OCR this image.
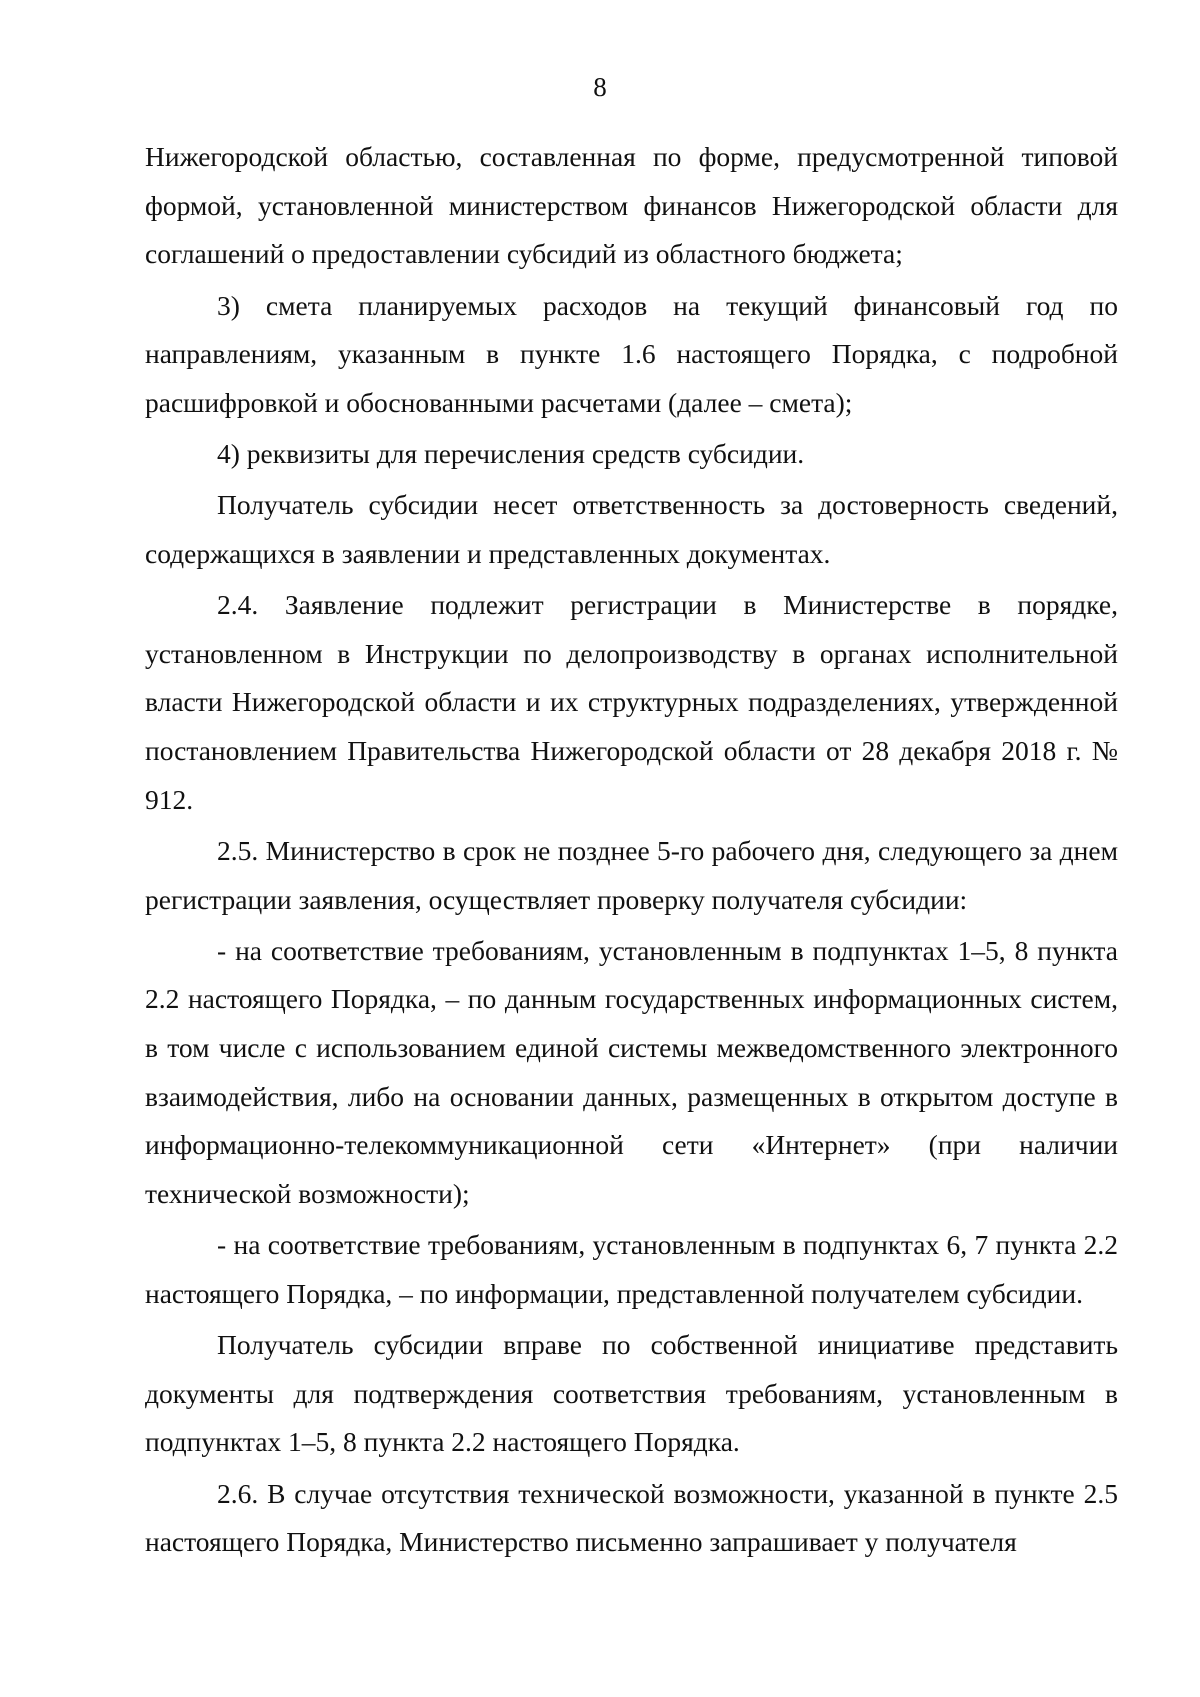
8

Нижегородской областью, составленная по форме, предусмотренной типовой формой, установленной министерством финансов Нижегородской области для соглашений о предоставлении субсидий из областного бюджета;

3) смета планируемых расходов на текущий финансовый год по направлениям, указанным в пункте 1.6 настоящего Порядка, с подробной расшифровкой и обоснованными расчетами (далее – смета);

4) реквизиты для перечисления средств субсидии.

Получатель субсидии несет ответственность за достоверность сведений, содержащихся в заявлении и представленных документах.

2.4. Заявление подлежит регистрации в Министерстве в порядке, установленном в Инструкции по делопроизводству в органах исполнительной власти Нижегородской области и их структурных подразделениях, утвержденной постановлением Правительства Нижегородской области от 28 декабря 2018 г. № 912.

2.5. Министерство в срок не позднее 5-го рабочего дня, следующего за днем регистрации заявления, осуществляет проверку получателя субсидии:

- на соответствие требованиям, установленным в подпунктах 1–5, 8 пункта 2.2 настоящего Порядка, – по данным государственных информационных систем, в том числе с использованием единой системы межведомственного электронного взаимодействия, либо на основании данных, размещенных в открытом доступе в информационно-телекоммуникационной сети «Интернет» (при наличии технической возможности);

- на соответствие требованиям, установленным в подпунктах 6, 7 пункта 2.2 настоящего Порядка, – по информации, представленной получателем субсидии.

Получатель субсидии вправе по собственной инициативе представить документы для подтверждения соответствия требованиям, установленным в подпунктах 1–5, 8 пункта 2.2 настоящего Порядка.

2.6. В случае отсутствия технической возможности, указанной в пункте 2.5 настоящего Порядка, Министерство письменно запрашивает у получателя
